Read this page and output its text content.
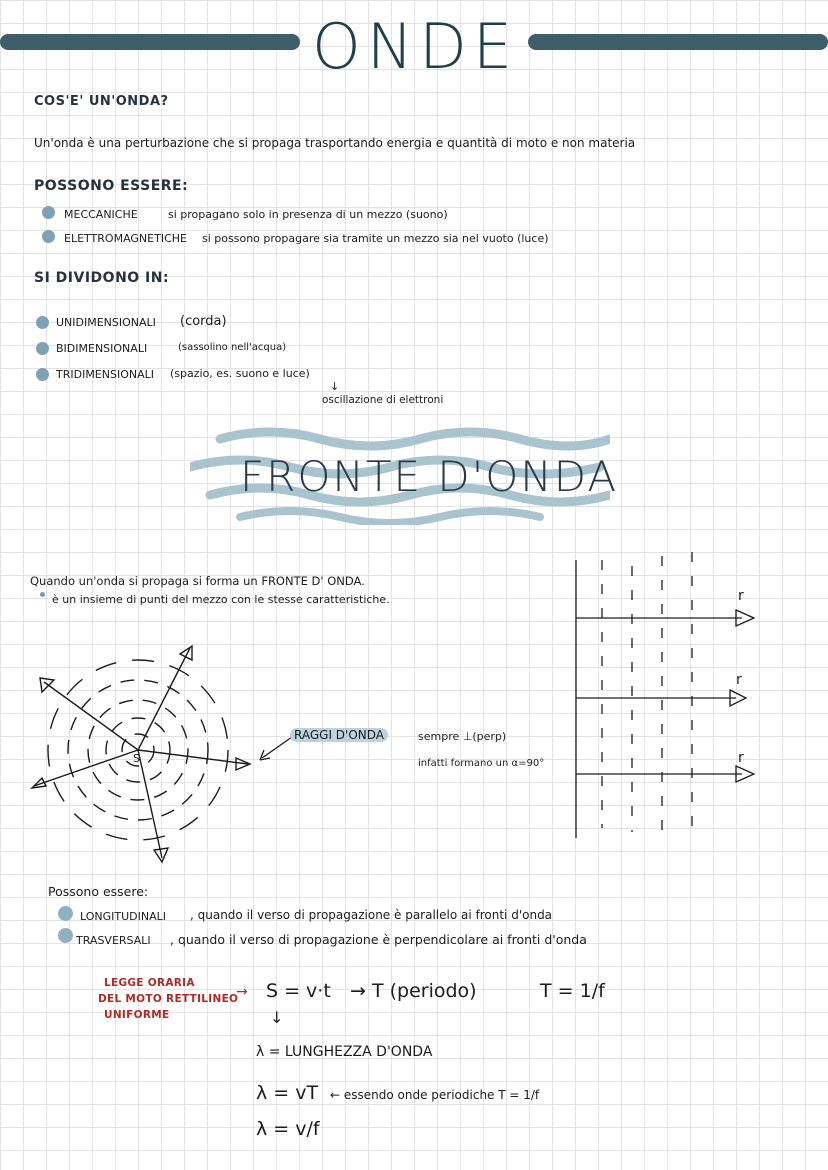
ONDE
COS'E' UN'ONDA?
Un'onda è una perturbazione che si propaga trasportando energia e quantità di moto e non materia
POSSONO ESSERE:
MECCANICHE	si propagano solo in presenza di un mezzo (suono)
ELETTROMAGNETICHE si possono propagare sia tramite un mezzo sia nel vuoto (luce)
SI DIVIDONO IN:
UNIDIMENSIONALI (corda)
BIDIMENSIONALI	(sassolino nell'acqua)
TRIDIMENSIONALI (spazio, es. suono e luce)
↓
oscillazione di elettroni
FRONTE D'ONDA
Quando un'onda si propaga si forma un FRONTE D' ONDA.
è un insieme di punti del mezzo con le stesse caratteristiche.
S
RAGGI D'ONDA	sempre ⊥(perp)
infatti formano un α=90°
r
r
r
Possono essere:
LONGITUDINALI , quando il verso di propagazione è parallelo ai fronti d'onda
TRASVERSALI , quando il verso di propagazione è perpendicolare ai fronti d'onda
LEGGE ORARIA
DEL MOTO RETTILINEO
UNIFORME
→ S = v·t → T (periodo)	T = 1/f
↓
λ = LUNGHEZZA D'ONDA
λ = vT ← essendo onde periodiche T = 1/f
λ = v/f
